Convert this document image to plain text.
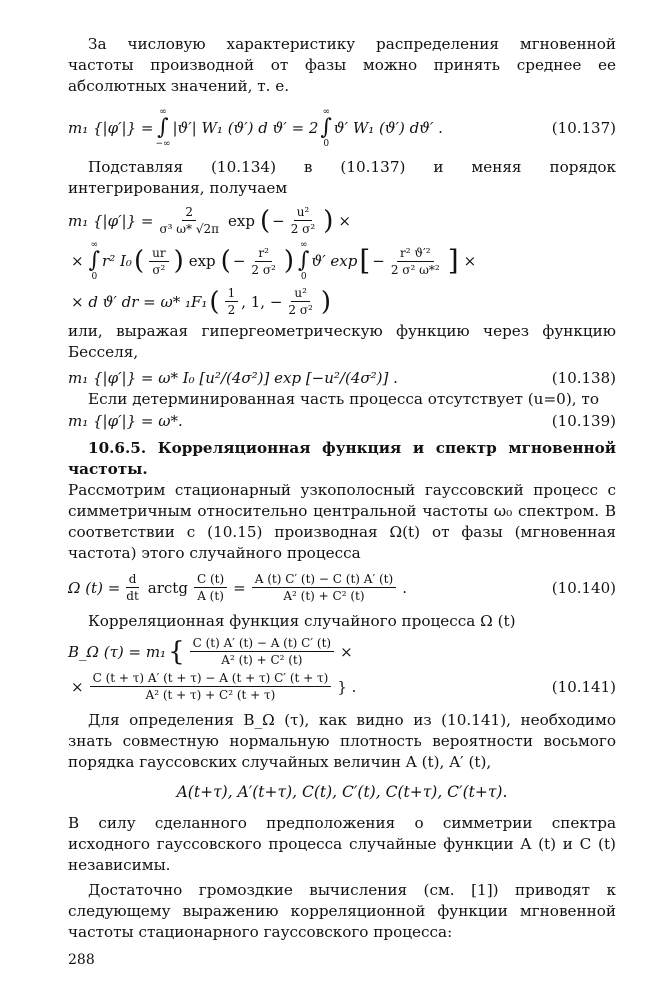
За числовую характеристику распределения мгновенной частоты производной от фазы можно принять среднее ее абсолютных значений, т. е.

m₁ {|φ′|} =
∞
∫
−∞
|ϑ′| W₁ (ϑ′) d ϑ′ = 2
∞
∫
0
ϑ′ W₁ (ϑ′) dϑ′ .	(10.137)

Подставляя (10.134) в (10.137) и меняя порядок интегрирования, получаем

m₁ $\{|\varphi'|\} = \frac{2}{\text{σ³ ω* √2π}}$ exp ( − $\frac{\text{u²}}{\text{2 σ²}}$ ) ×
×
∞
∫
0
r² I₀ ( $\frac{ur}{\text{σ²}}$ ) exp ( − $\frac{\text{r²}}{\text{2 σ²}}$ )
∞
∫
0
ϑ′ exp [ − $\frac{\text{r² ϑ′²}}{\text{2 σ² ω*²}}$ ] ×
× d ϑ′ dr = ω* ₁F₁ ( $\frac{1}{2}$ , 1, − $\frac{\text{u²}}{\text{2 σ²}}$ )

или, выражая гипергеометрическую функцию через функцию Бесселя,

m₁ {|φ′|} = ω* I₀ [u²/(4σ²)] exp [−u²/(4σ²)] .	(10.138)

Если детерминированная часть процесса отсутствует (u=0), то

m₁ {|φ′|} = ω*.	(10.139)

10.6.5. Корреляционная функция и спектр мгновенной частоты.

Рассмотрим стационарный узкополосный гауссовский процесс с симметричным относительно центральной частоты ω₀ спектром. В соответствии с (10.15) производная Ω(t) от фазы (мгновенная частота) этого случайного процесса

Ω $(t) = \frac{d}{dt}$ arctg $\frac{C (t)}{A (t)} = \frac{A (t) C' (t) - C (t) A' (t)}{\text{A² (t) + C² (t)}}$ .	(10.140)

Корреляционная функция случайного процесса Ω (t)

B_Ω (τ) = m₁ { $\frac{C (t) A' (t) - A (t) C' (t)}{\text{A² (t) + C² (t)}}$ ×
× $\frac{C (t + \tau) A' (t + \tau) - A (t + \tau) C' (t + \tau)}{\text{A² (t + τ) + C² (t + τ)}}$ } .	(10.141)

Для определения B_Ω (τ), как видно из (10.141), необходимо знать совместную нормальную плотность вероятности восьмого порядка гауссовских случайных величин A (t), A′ (t),

A(t+τ), A′(t+τ), C(t), C′(t), C(t+τ), C′(t+τ).

В силу сделанного предположения о симметрии спектра исходного гауссовского процесса случайные функции A (t) и C (t) независимы.

Достаточно громоздкие вычисления (см. [1]) приводят к следующему выражению корреляционной функции мгновенной частоты стационарного гауссовского процесса:

288
